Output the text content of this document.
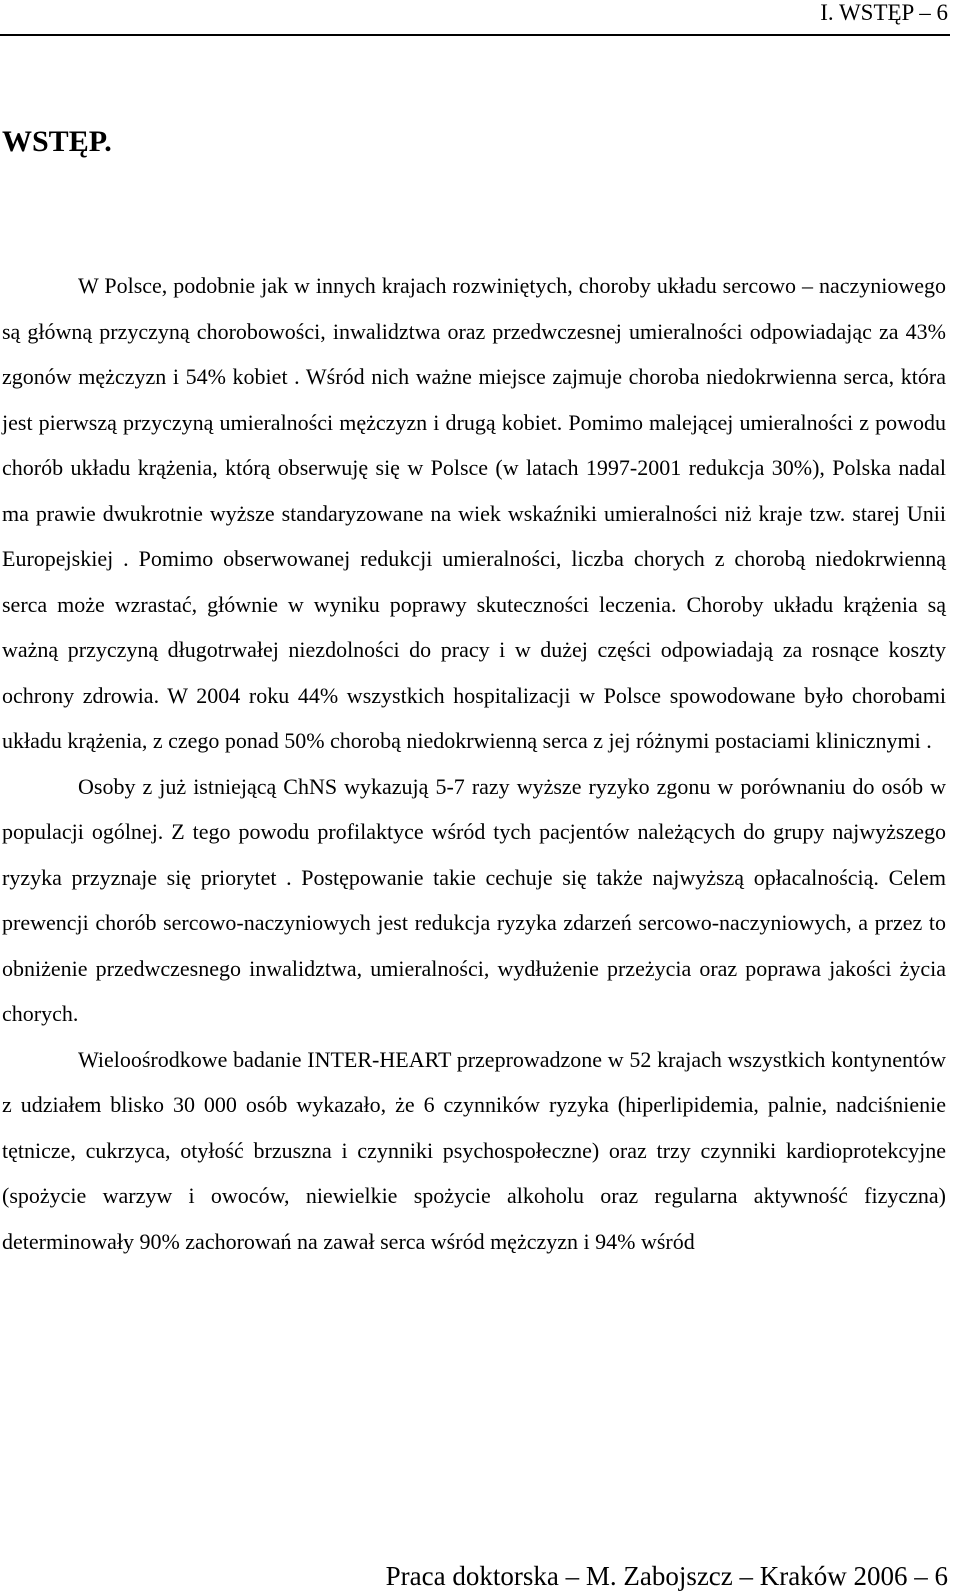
I. WSTĘP – 6
WSTĘP.

W Polsce, podobnie jak w innych krajach rozwiniętych, choroby układu sercowo – naczyniowego są główną przyczyną chorobowości, inwalidztwa oraz przedwczesnej umieralności odpowiadając za 43% zgonów mężczyzn i 54% kobiet . Wśród nich ważne miejsce zajmuje choroba niedokrwienna serca, która jest pierwszą przyczyną umieralności mężczyzn i drugą kobiet. Pomimo malejącej umieralności z powodu chorób układu krążenia, którą obserwuję się w Polsce (w latach 1997-2001 redukcja 30%), Polska nadal ma prawie dwukrotnie wyższe standaryzowane na wiek wskaźniki umieralności niż kraje tzw. starej Unii Europejskiej . Pomimo obserwowanej redukcji umieralności, liczba chorych z chorobą niedokrwienną serca może wzrastać, głównie w wyniku poprawy skuteczności leczenia. Choroby układu krążenia są ważną przyczyną długotrwałej niezdolności do pracy i w dużej części odpowiadają za rosnące koszty ochrony zdrowia. W 2004 roku 44% wszystkich hospitalizacji w Polsce spowodowane było chorobami układu krążenia, z czego ponad 50% chorobą niedokrwienną serca z jej różnymi postaciami klinicznymi .

Osoby z już istniejącą ChNS wykazują 5-7 razy wyższe ryzyko zgonu w porównaniu do osób w populacji ogólnej. Z tego powodu profilaktyce wśród tych pacjentów należących do grupy najwyższego ryzyka przyznaje się priorytet . Postępowanie takie cechuje się także najwyższą opłacalnością. Celem prewencji chorób sercowo-naczyniowych jest redukcja ryzyka zdarzeń sercowo-naczyniowych, a przez to obniżenie przedwczesnego inwalidztwa, umieralności, wydłużenie przeżycia oraz poprawa jakości życia chorych.

Wieloośrodkowe badanie INTER-HEART przeprowadzone w 52 krajach wszystkich kontynentów z udziałem blisko 30 000 osób wykazało, że 6 czynników ryzyka (hiperlipidemia, palnie, nadciśnienie tętnicze, cukrzyca, otyłość brzuszna i czynniki psychospołeczne) oraz trzy czynniki kardioprotekcyjne (spożycie warzyw i owoców, niewielkie spożycie alkoholu oraz regularna aktywność fizyczna) determinowały 90% zachorowań na zawał serca wśród mężczyzn i 94% wśród

Praca doktorska – M. Zabojszcz – Kraków 2006 – 6
